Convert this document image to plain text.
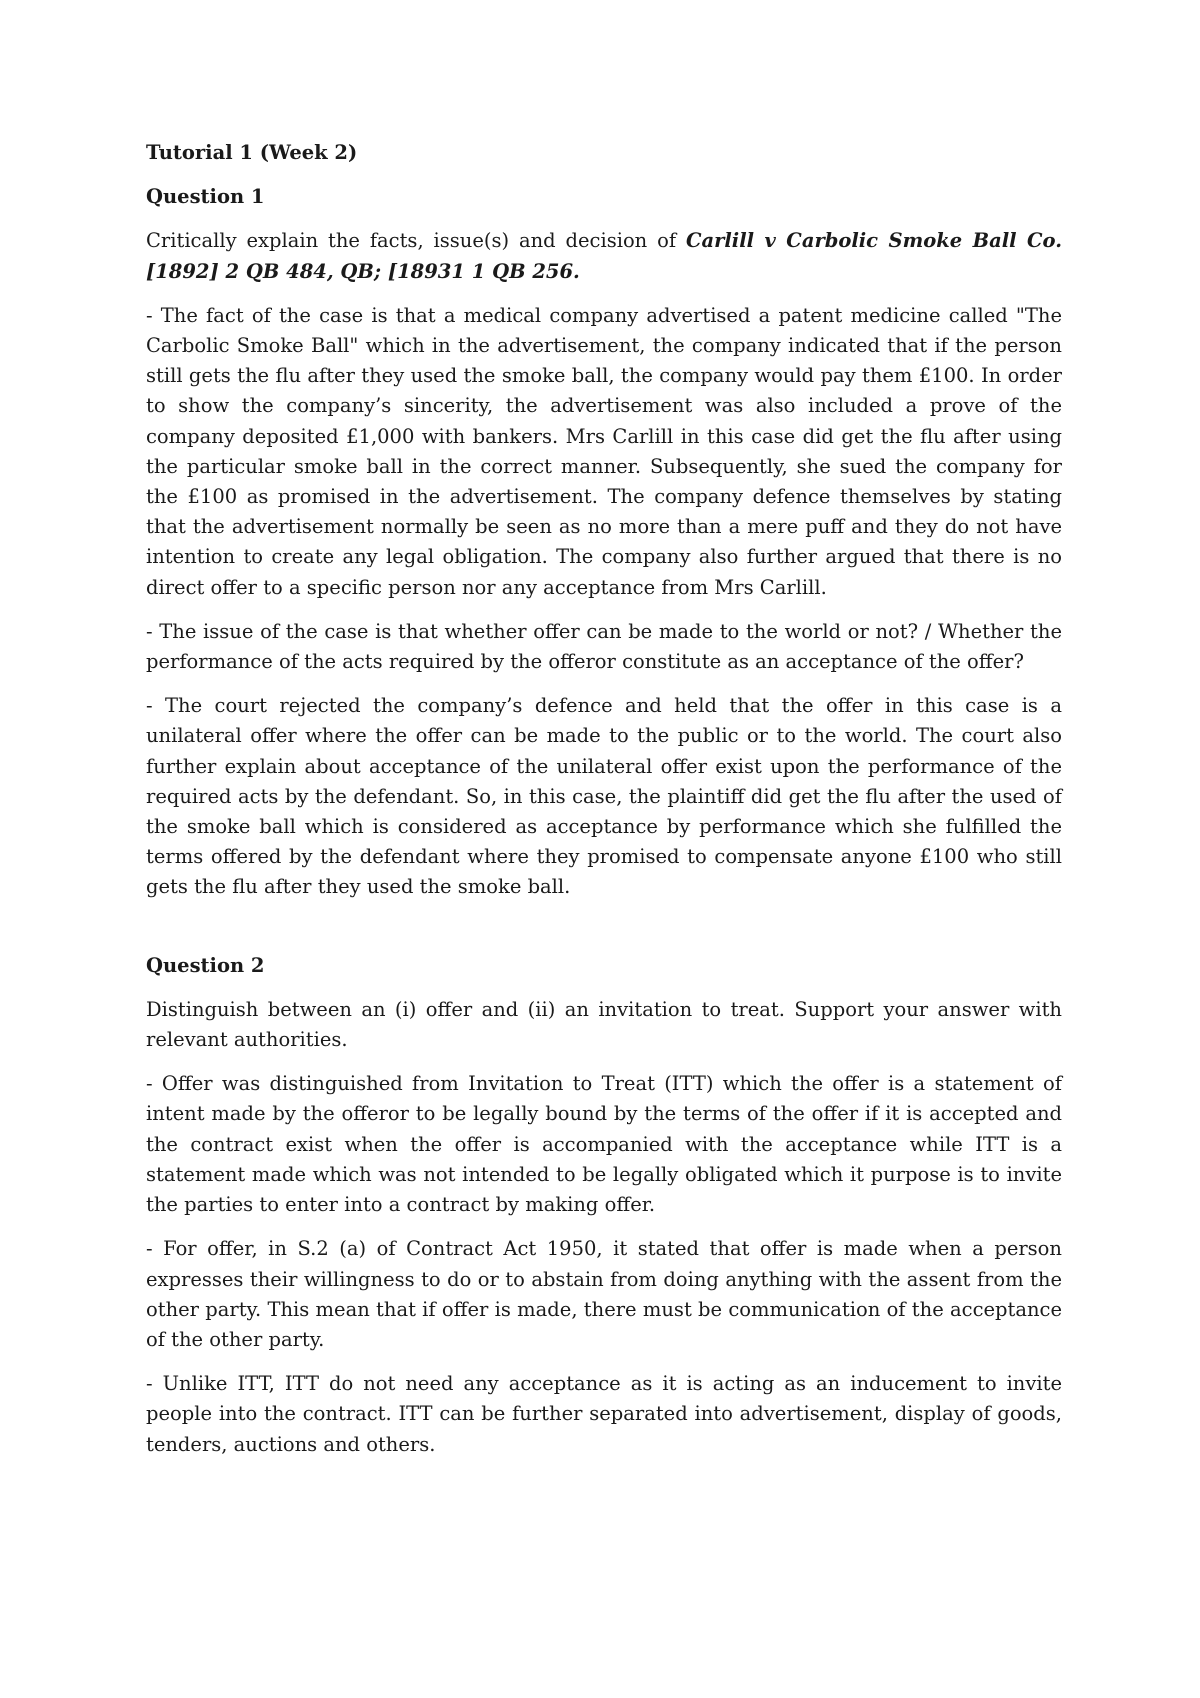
Tutorial 1 (Week 2)

Question 1

Critically explain the facts, issue(s) and decision of Carlill v Carbolic Smoke Ball Co. [1892] 2 QB 484, QB; [18931 1 QB 256.

- The fact of the case is that a medical company advertised a patent medicine called "The Carbolic Smoke Ball" which in the advertisement, the company indicated that if the person still gets the flu after they used the smoke ball, the company would pay them £100. In order to show the company’s sincerity, the advertisement was also included a prove of the company deposited £1,000 with bankers. Mrs Carlill in this case did get the flu after using the particular smoke ball in the correct manner. Subsequently, she sued the company for the £100 as promised in the advertisement. The company defence themselves by stating that the advertisement normally be seen as no more than a mere puff and they do not have intention to create any legal obligation. The company also further argued that there is no direct offer to a specific person nor any acceptance from Mrs Carlill.

- The issue of the case is that whether offer can be made to the world or not? / Whether the performance of the acts required by the offeror constitute as an acceptance of the offer?

- The court rejected the company’s defence and held that the offer in this case is a unilateral offer where the offer can be made to the public or to the world. The court also further explain about acceptance of the unilateral offer exist upon the performance of the required acts by the defendant. So, in this case, the plaintiff did get the flu after the used of the smoke ball which is considered as acceptance by performance which she fulfilled the terms offered by the defendant where they promised to compensate anyone £100 who still gets the flu after they used the smoke ball.

Question 2

Distinguish between an (i) offer and (ii) an invitation to treat. Support your answer with relevant authorities.

- Offer was distinguished from Invitation to Treat (ITT) which the offer is a statement of intent made by the offeror to be legally bound by the terms of the offer if it is accepted and the contract exist when the offer is accompanied with the acceptance while ITT is a statement made which was not intended to be legally obligated which it purpose is to invite the parties to enter into a contract by making offer.

- For offer, in S.2 (a) of Contract Act 1950, it stated that offer is made when a person expresses their willingness to do or to abstain from doing anything with the assent from the other party. This mean that if offer is made, there must be communication of the acceptance of the other party.

- Unlike ITT, ITT do not need any acceptance as it is acting as an inducement to invite people into the contract. ITT can be further separated into advertisement, display of goods, tenders, auctions and others.
